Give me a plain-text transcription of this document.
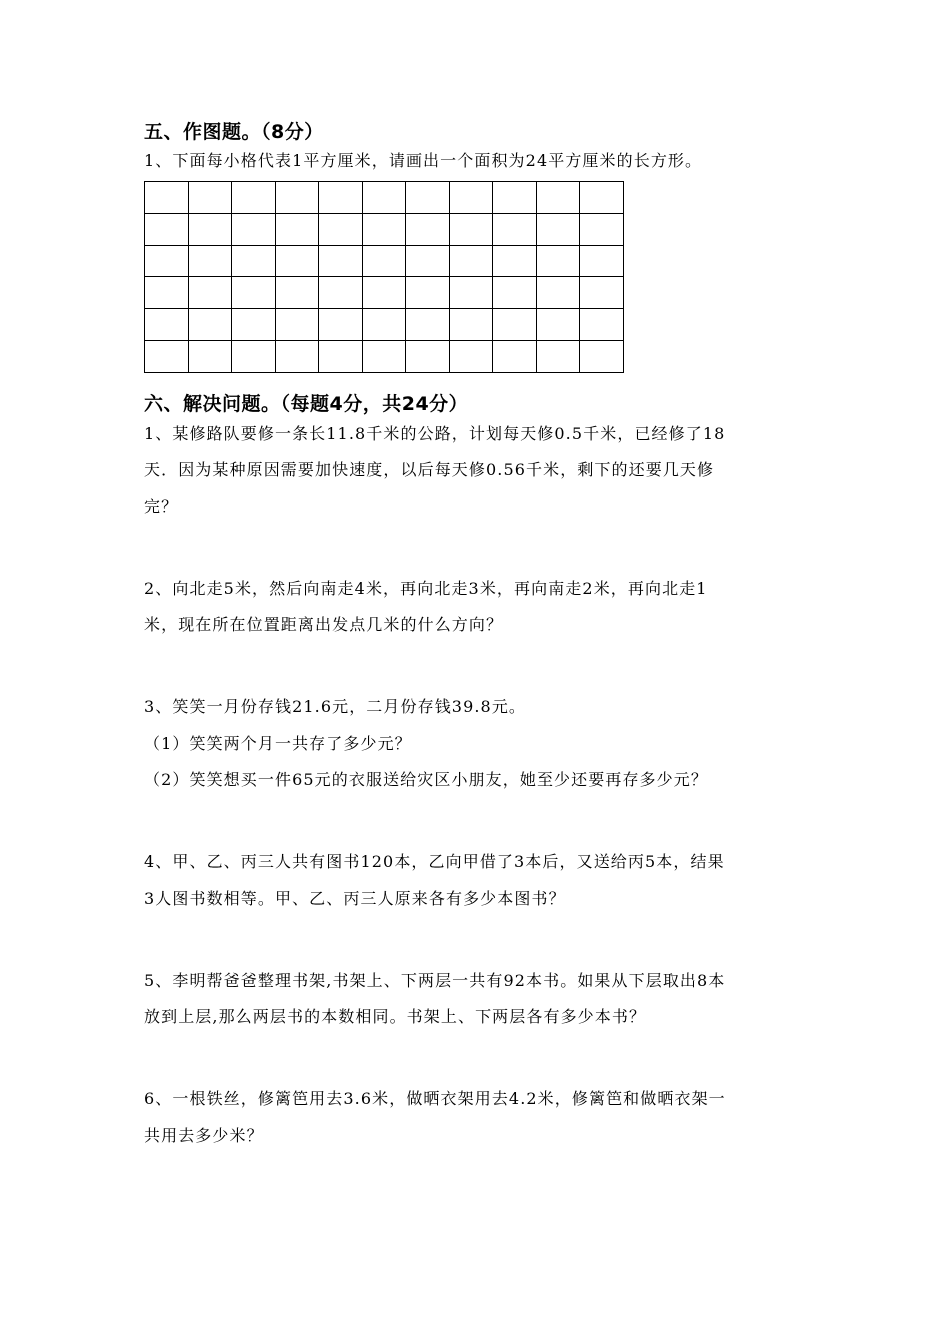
五、作图题。（8分）
1、下面每小格代表1平方厘米，请画出一个面积为24平方厘米的长方形。

六、解决问题。（每题4分，共24分）
1、某修路队要修一条长11.8千米的公路，计划每天修0.5千米，已经修了18
天．因为某种原因需要加快速度，以后每天修0.56千米，剩下的还要几天修
完？
2、向北走5米，然后向南走4米，再向北走3米，再向南走2米，再向北走1
米，现在所在位置距离出发点几米的什么方向？
3、笑笑一月份存钱21.6元，二月份存钱39.8元。
（1）笑笑两个月一共存了多少元？
（2）笑笑想买一件65元的衣服送给灾区小朋友，她至少还要再存多少元？
4、甲、乙、丙三人共有图书120本，乙向甲借了3本后，又送给丙5本，结果
3人图书数相等。甲、乙、丙三人原来各有多少本图书？
5、李明帮爸爸整理书架,书架上、下两层一共有92本书。如果从下层取出8本
放到上层,那么两层书的本数相同。书架上、下两层各有多少本书？
6、一根铁丝，修篱笆用去3.6米，做晒衣架用去4.2米，修篱笆和做晒衣架一
共用去多少米？
